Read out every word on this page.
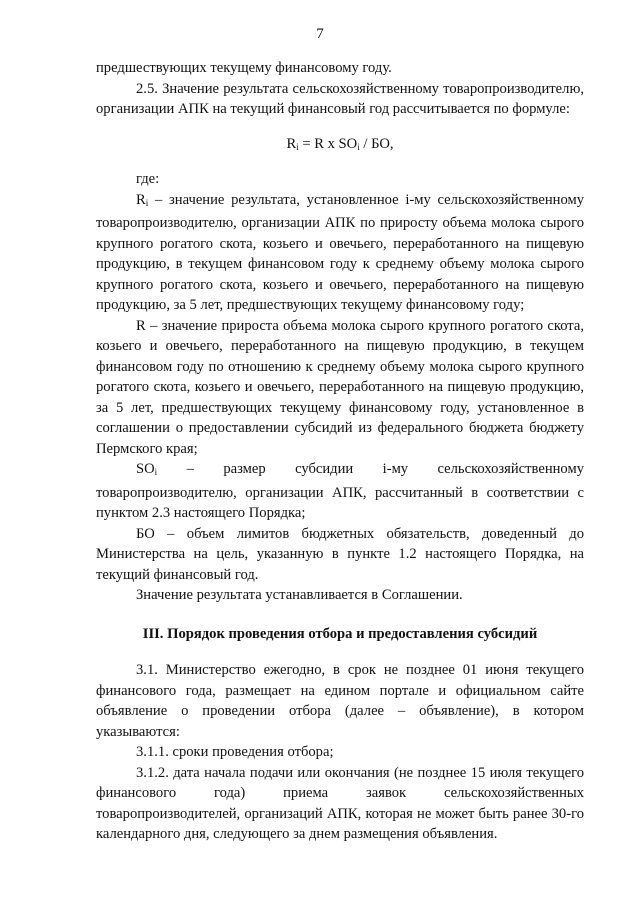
7

предшествующих текущему финансовому году.

2.5. Значение результата сельскохозяйственному товаропроизводителю, организации АПК на текущий финансовый год рассчитывается по формуле:

$R_i = R$ x $SO_i$ / БО,

где:

$R_i$ – значение результата, установленное i-му сельскохозяйственному товаропроизводителю, организации АПК по приросту объема молока сырого крупного рогатого скота, козьего и овечьего, переработанного на пищевую продукцию, в текущем финансовом году к среднему объему молока сырого крупного рогатого скота, козьего и овечьего, переработанного на пищевую продукцию, за 5 лет, предшествующих текущему финансовому году;

R – значение прироста объема молока сырого крупного рогатого скота, козьего и овечьего, переработанного на пищевую продукцию, в текущем финансовом году по отношению к среднему объему молока сырого крупного рогатого скота, козьего и овечьего, переработанного на пищевую продукцию, за 5 лет, предшествующих текущему финансовому году, установленное в соглашении о предоставлении субсидий из федерального бюджета бюджету Пермского края;

$SO_i$ – размер субсидии i-му сельскохозяйственному товаропроизводителю, организации АПК, рассчитанный в соответствии с пунктом 2.3 настоящего Порядка;

БО – объем лимитов бюджетных обязательств, доведенный до Министерства на цель, указанную в пункте 1.2 настоящего Порядка, на текущий финансовый год.

Значение результата устанавливается в Соглашении.

III. Порядок проведения отбора и предоставления субсидий

3.1. Министерство ежегодно, в срок не позднее 01 июня текущего финансового года, размещает на едином портале и официальном сайте объявление о проведении отбора (далее – объявление), в котором указываются:

3.1.1. сроки проведения отбора;

3.1.2. дата начала подачи или окончания (не позднее 15 июля текущего финансового года) приема заявок сельскохозяйственных товаропроизводителей, организаций АПК, которая не может быть ранее 30-го календарного дня, следующего за днем размещения объявления.
